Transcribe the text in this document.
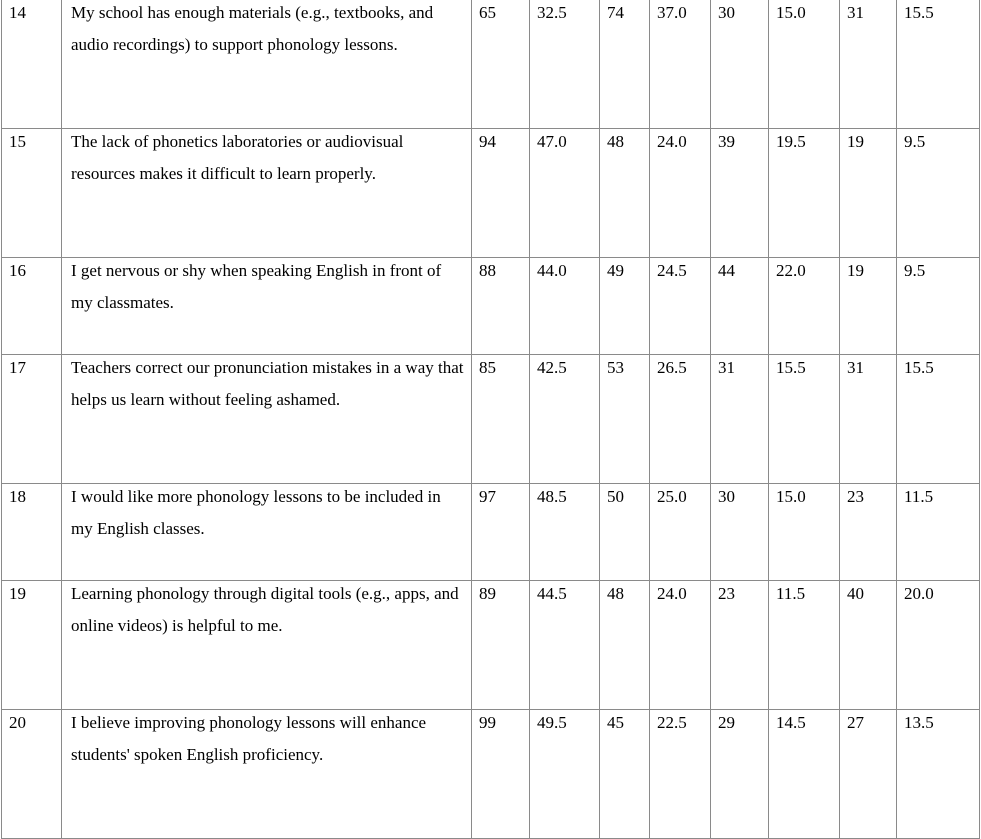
14	My school has enough materials (e.g., textbooks, and audio recordings) to support phonology lessons.	65	32.5	74	37.0	30	15.0	31	15.5

15	The lack of phonetics laboratories or audiovisual resources makes it difficult to learn properly.	94	47.0	48	24.0	39	19.5	19	9.5

16	I get nervous or shy when speaking English in front of my classmates.	88	44.0	49	24.5	44	22.0	19	9.5

17	Teachers correct our pronunciation mistakes in a way that helps us learn without feeling ashamed.	85	42.5	53	26.5	31	15.5	31	15.5

18	I would like more phonology lessons to be included in my English classes.	97	48.5	50	25.0	30	15.0	23	11.5

19	Learning phonology through digital tools (e.g., apps, and online videos) is helpful to me.	89	44.5	48	24.0	23	11.5	40	20.0

20	I believe improving phonology lessons will enhance students' spoken English proficiency.	99	49.5	45	22.5	29	14.5	27	13.5
